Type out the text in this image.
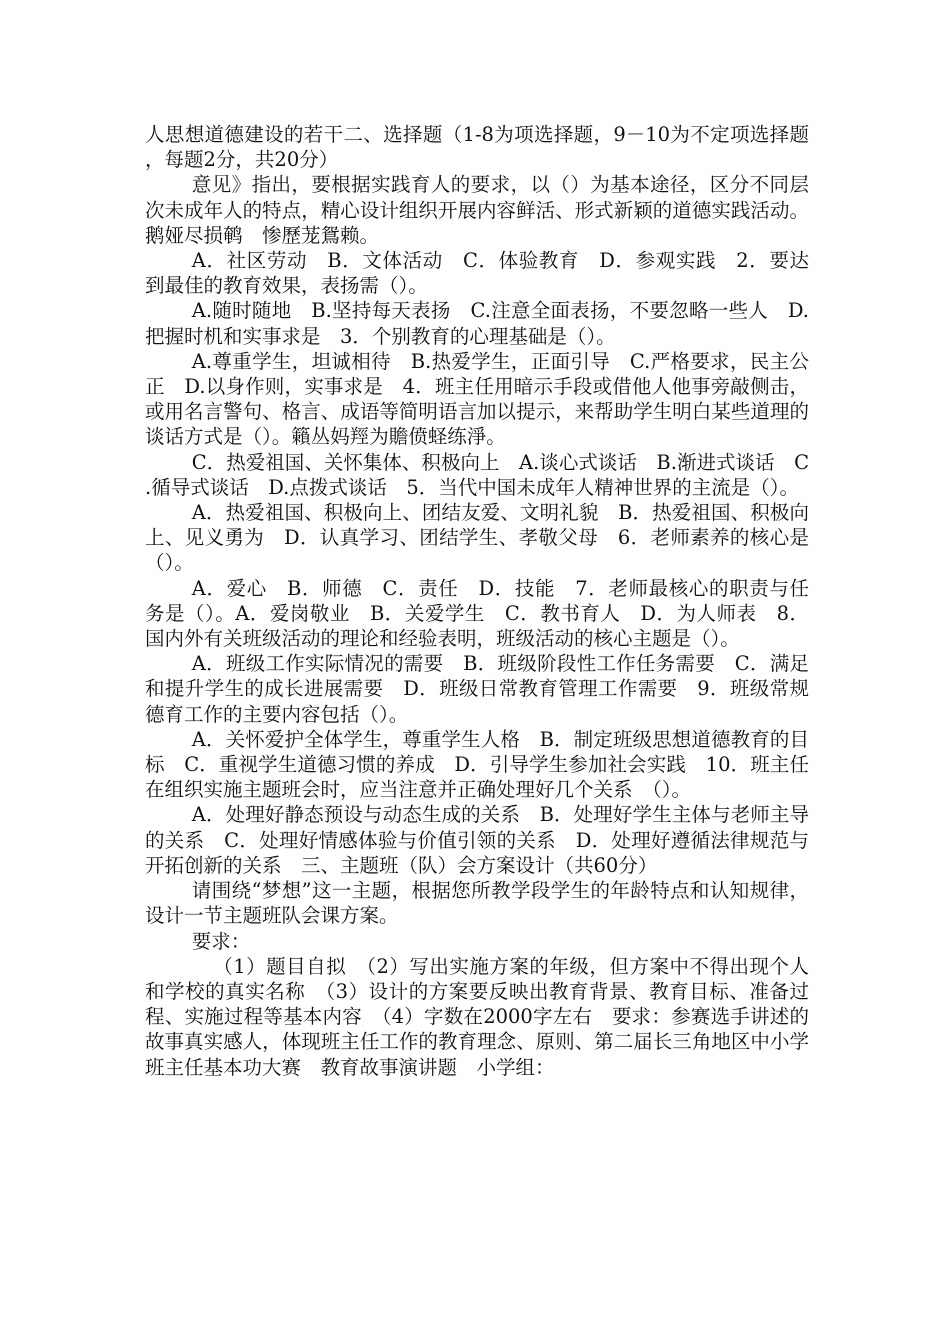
人思想道德建设的若干二、选择题（1-8为项选择题，9－10为不定项选择题，每题2分，共20分）

意见》指出，要根据实践育人的要求，以（）为基本途径，区分不同层次未成年人的特点，精心设计组织开展内容鲜活、形式新颖的道德实践活动。鹅娅尽损鹌　惨歷茏鴛赖。

A．社区劳动　B．文体活动　C．体验教育　D．参观实践　2．要达到最佳的教育效果，表扬需（）。

A.随时随地　B.坚持每天表扬　C.注意全面表扬，不要忽略一些人　D.把握时机和实事求是　3．个别教育的心理基础是（）。

A.尊重学生，坦诚相待　B.热爱学生，正面引导　C.严格要求，民主公正　D.以身作则，实事求是　4．班主任用暗示手段或借他人他事旁敲侧击，或用名言警句、格言、成语等简明语言加以提示，来帮助学生明白某些道理的谈话方式是（）。籟丛妈羥为贍偾蛏练淨。

C．热爱祖国、关怀集体、积极向上　A.谈心式谈话　B.渐进式谈话　C.循导式谈话　D.点拨式谈话　5．当代中国未成年人精神世界的主流是（）。

A．热爱祖国、积极向上、团结友爱、文明礼貌　B．热爱祖国、积极向上、见义勇为　D．认真学习、团结学生、孝敬父母　6．老师素养的核心是（）。

A．爱心　B．师德　C．责任　D．技能　7．老师最核心的职责与任务是（）。A．爱岗敬业　B．关爱学生　C．教书育人　D．为人师表　8．国内外有关班级活动的理论和经验表明，班级活动的核心主题是（）。

A．班级工作实际情况的需要　B．班级阶段性工作任务需要　C．满足和提升学生的成长进展需要　D．班级日常教育管理工作需要　9．班级常规德育工作的主要内容包括（）。

A．关怀爱护全体学生，尊重学生人格　B．制定班级思想道德教育的目标　C．重视学生道德习惯的养成　D．引导学生参加社会实践　10．班主任在组织实施主题班会时，应当注意并正确处理好几个关系　（）。

A．处理好静态预设与动态生成的关系　B．处理好学生主体与老师主导的关系　C．处理好情感体验与价值引领的关系　D．处理好遵循法律规范与开拓创新的关系　三、主题班（队）会方案设计（共60分）

请围绕“梦想”这一主题，根据您所教学段学生的年龄特点和认知规律，设计一节主题班队会课方案。

要求：

（1）题目自拟　（2）写出实施方案的年级，但方案中不得出现个人和学校的真实名称　（3）设计的方案要反映出教育背景、教育目标、准备过程、实施过程等基本内容　（4）字数在2000字左右　要求：参赛选手讲述的故事真实感人，体现班主任工作的教育理念、原则、第二届长三角地区中小学班主任基本功大赛　教育故事演讲题　小学组：
